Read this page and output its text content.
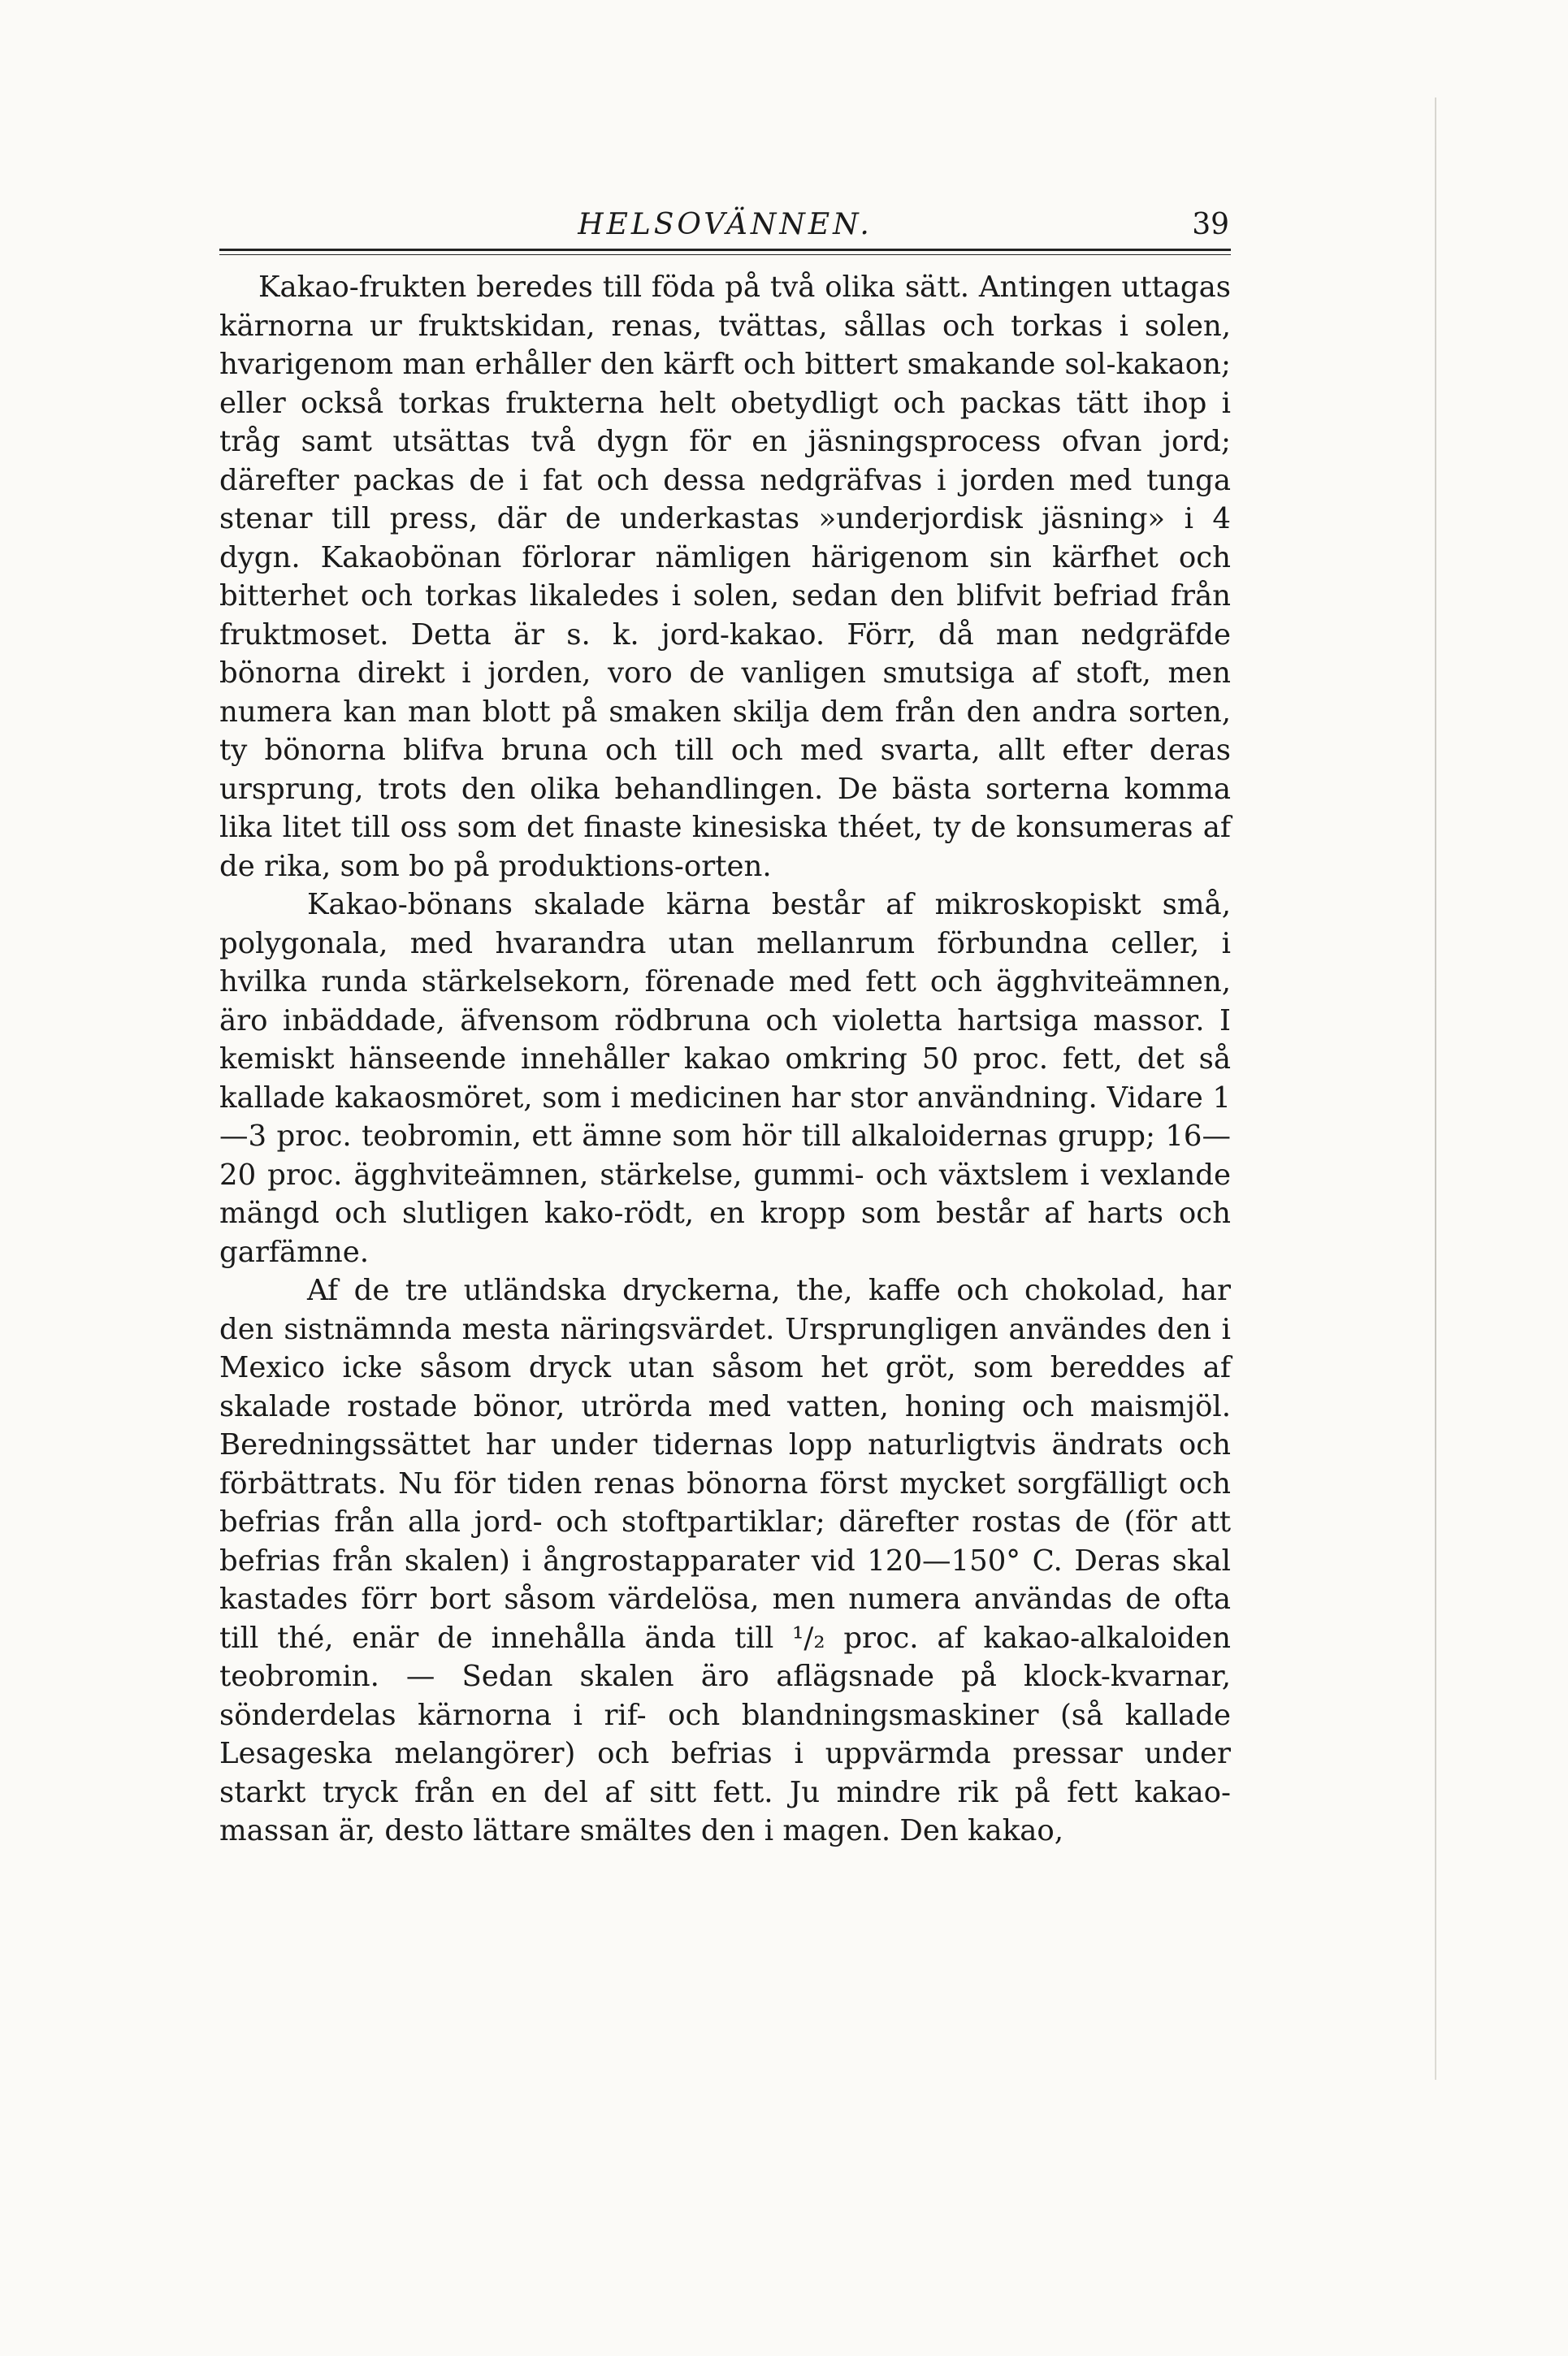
HELSOVÄNNEN.	39

Kakao-frukten beredes till föda på två olika sätt. Antingen uttagas kärnorna ur fruktskidan, renas, tvättas, sållas och torkas i solen, hvarigenom man erhåller den kärft och bittert smakande sol-kakaon; eller också torkas frukterna helt obetydligt och packas tätt ihop i tråg samt utsättas två dygn för en jäsningsprocess ofvan jord; därefter packas de i fat och dessa nedgräfvas i jorden med tunga stenar till press, där de underkastas »underjordisk jäsning» i 4 dygn. Kakaobönan förlorar nämligen härigenom sin kärfhet och bitterhet och torkas likaledes i solen, sedan den blifvit befriad från fruktmoset. Detta är s. k. jord-kakao. Förr, då man nedgräfde bönorna direkt i jorden, voro de vanligen smutsiga af stoft, men numera kan man blott på smaken skilja dem från den andra sorten, ty bönorna blifva bruna och till och med svarta, allt efter deras ursprung, trots den olika behandlingen. De bästa sorterna komma lika litet till oss som det finaste kinesiska théet, ty de konsumeras af de rika, som bo på produktions-orten.

Kakao-bönans skalade kärna består af mikroskopiskt små, polygonala, med hvarandra utan mellanrum förbundna celler, i hvilka runda stärkelsekorn, förenade med fett och ägghviteämnen, äro inbäddade, äfvensom rödbruna och violetta hartsiga massor. I kemiskt hänseende innehåller kakao omkring 50 proc. fett, det så kallade kakaosmöret, som i medicinen har stor användning. Vidare 1—3 proc. teobromin, ett ämne som hör till alkaloidernas grupp; 16—20 proc. ägghviteämnen, stärkelse, gummi- och växtslem i vexlande mängd och slutligen kako-rödt, en kropp som består af harts och garfämne.

Af de tre utländska dryckerna, the, kaffe och chokolad, har den sistnämnda mesta näringsvärdet. Ursprungligen användes den i Mexico icke såsom dryck utan såsom het gröt, som bereddes af skalade rostade bönor, utrörda med vatten, honing och maismjöl. Beredningssättet har under tidernas lopp naturligtvis ändrats och förbättrats. Nu för tiden renas bönorna först mycket sorgfälligt och befrias från alla jord- och stoftpartiklar; därefter rostas de (för att befrias från skalen) i ångrostapparater vid 120—150° C. Deras skal kastades förr bort såsom värdelösa, men numera användas de ofta till thé, enär de innehålla ända till ¹/₂ proc. af kakao-alkaloiden teobromin. — Sedan skalen äro aflägsnade på klock-kvarnar, sönderdelas kärnorna i rif- och blandningsmaskiner (så kallade Lesageska melangörer) och befrias i uppvärmda pressar under starkt tryck från en del af sitt fett. Ju mindre rik på fett kakao-massan är, desto lättare smältes den i magen. Den kakao,
